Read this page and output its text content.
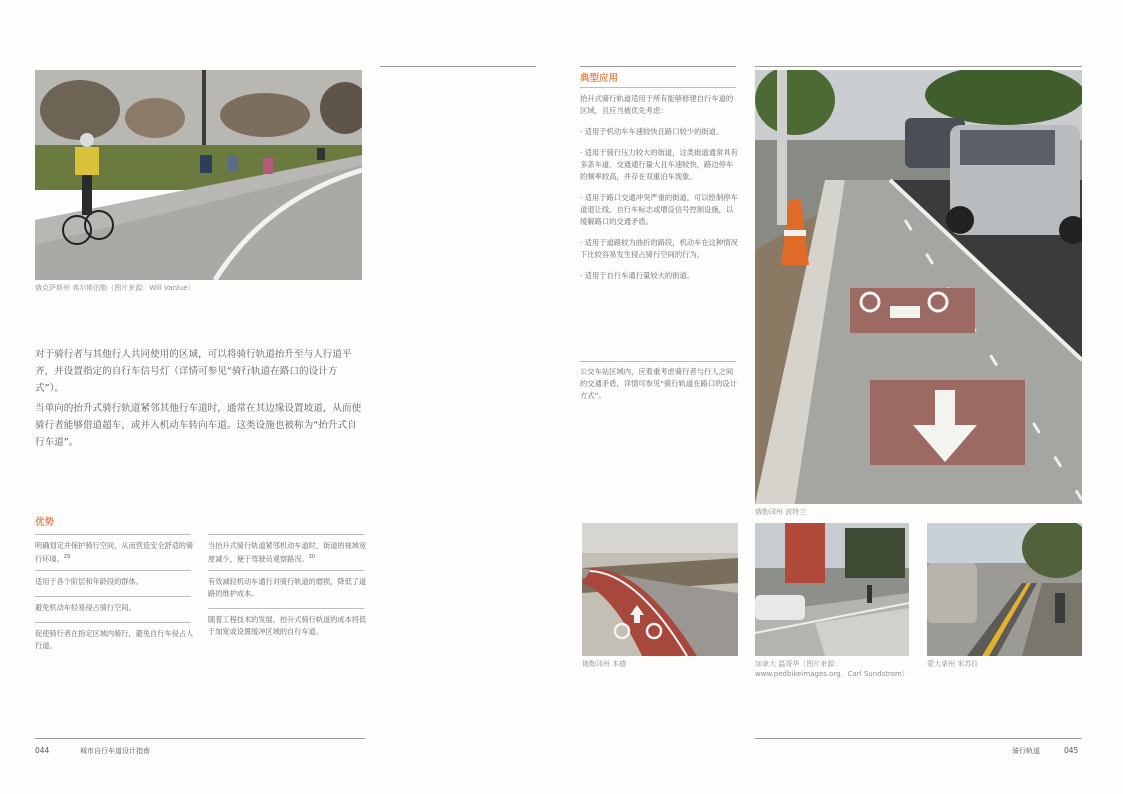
俄克萨斯州 弗尔斯伯勒（图片来源：Will Vanlue）
对于骑行者与其他行人共同使用的区域，可以将骑行轨道抬升至与人行道平齐，并设置指定的自行车信号灯（详情可参见“骑行轨道在路口的设计方式”）。
当单向的抬升式骑行轨道紧邻其他行车道时，通常在其边缘设置坡道，从而使骑行者能够借道超车，或并入机动车转向车道。这类设施也被称为“抬升式自行车道”。
优势
明确划定并保护骑行空间，从而营造安全舒适的骑行环境。$^{29}$
适用于各个阶层和年龄段的群体。
避免机动车轻易侵占骑行空间。
促使骑行者在指定区域内骑行，避免自行车侵占人行道。
当抬升式骑行轨道紧邻机动车道时，街道的视域宽度减少，便于驾驶员观察路况。$^{30}$
有效减轻机动车通行对骑行轨道的磨损，降低了道路的维护成本。
随着工程技术的发展，抬升式骑行轨道的成本将低于加宽或设置缓冲区域的自行车道。
044	城市自行车道设计指南
典型应用

抬升式骑行轨道适用于所有能够修建自行车道的区域，且应当被优先考虑：

· 适用于机动车车速较快且路口较少的街道。

· 适用于骑行压力较大的街道，这类街道通常具有多条车道、交通通行量大且车速较快，路边停车的频率较高，并存在双重泊车现象。

· 适用于路口交通冲突严重的街道，可以绘制停车道退让线、自行车标志或增设信号控制设施，以缓解路口的交通矛盾。

· 适用于道路较为曲折的路段，机动车在这种情况下比较容易发生侵占骑行空间的行为。

· 适用于自行车通行量较大的街道。

公交车站区域内，应着重考虑骑行者与行人之间的交通矛盾，详情可参见“骑行轨道在路口的设计方式”。
俄勒冈州 波特兰
俄勒冈州 本德	加拿大 温哥华（图片来源：www.pedbikeimages.org，Carl Sundstrom）
蒙大拿州 米苏拉
骑行轨道	045
